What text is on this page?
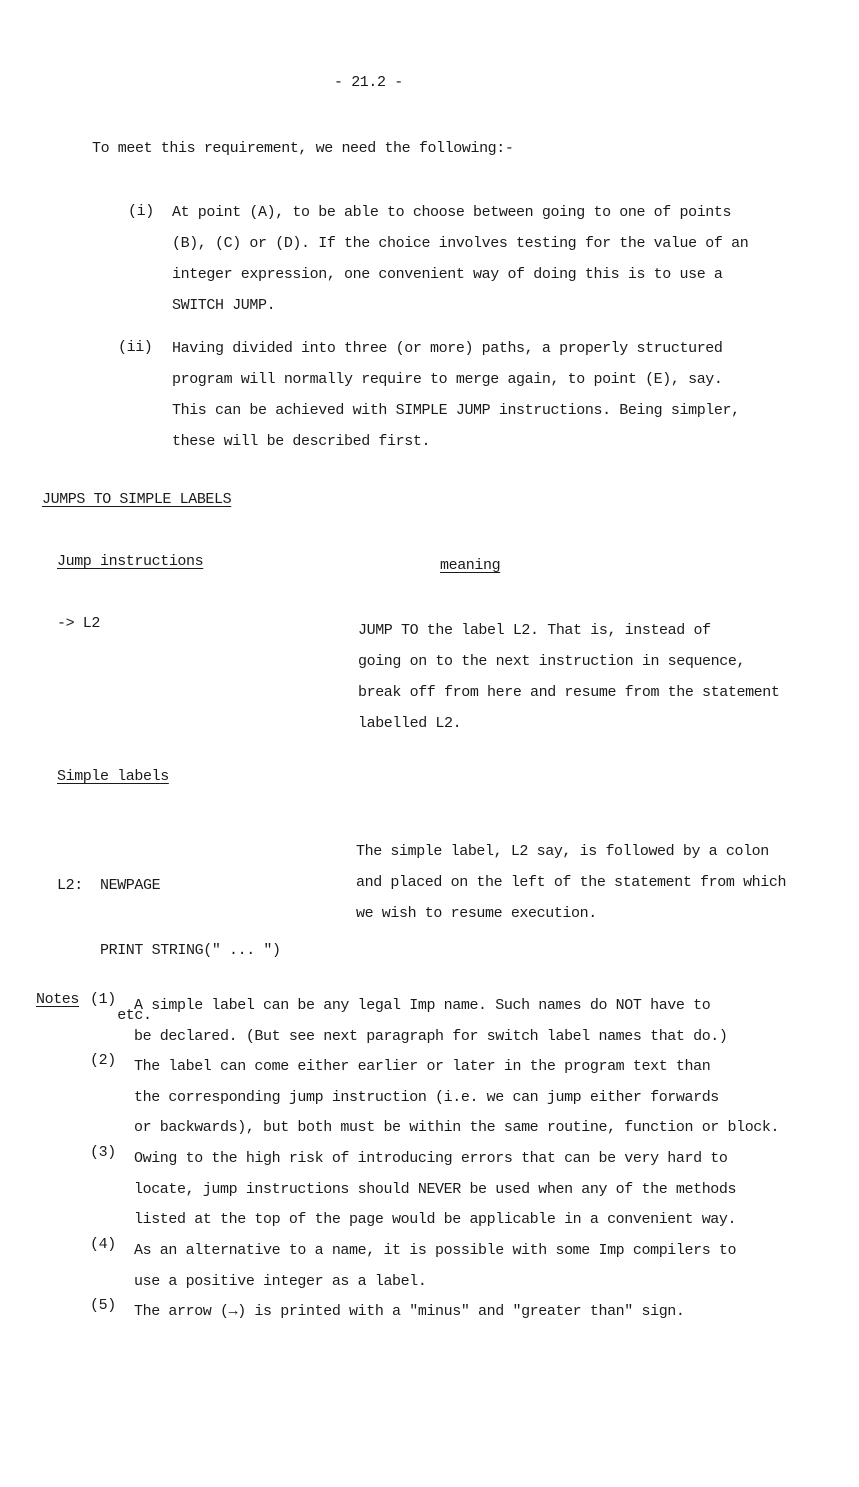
- 21.2 -
To meet this requirement, we need the following:-
(i) At point (A), to be able to choose between going to one of points
(B), (C) or (D). If the choice involves testing for the value of an
integer expression, one convenient way of doing this is to use a
SWITCH JUMP.
(ii) Having divided into three (or more) paths, a properly structured
program will normally require to merge again, to point (E), say.
This can be achieved with SIMPLE JUMP instructions. Being simpler,
these will be described first.
JUMPS TO SIMPLE LABELS
Jump instructions	meaning
-> L2	JUMP TO the label L2. That is, instead of
going on to the next instruction in sequence,
break off from here and resume from the statement
labelled L2.
Simple labels

L2:  NEWPAGE

PRINT STRING(" ... ")

etc.

The simple label, L2 say, is followed by a colon
and placed on the left of the statement from which
we wish to resume execution.
Notes (1) A simple label can be any legal Imp name. Such names do NOT have to
be declared. (But see next paragraph for switch label names that do.)
(2) The label can come either earlier or later in the program text than
the corresponding jump instruction (i.e. we can jump either forwards
or backwards), but both must be within the same routine, function or block.
(3) Owing to the high risk of introducing errors that can be very hard to
locate, jump instructions should NEVER be used when any of the methods
listed at the top of the page would be applicable in a convenient way.
(4) As an alternative to a name, it is possible with some Imp compilers to
use a positive integer as a label.
(5) The arrow (→) is printed with a "minus" and "greater than" sign.
